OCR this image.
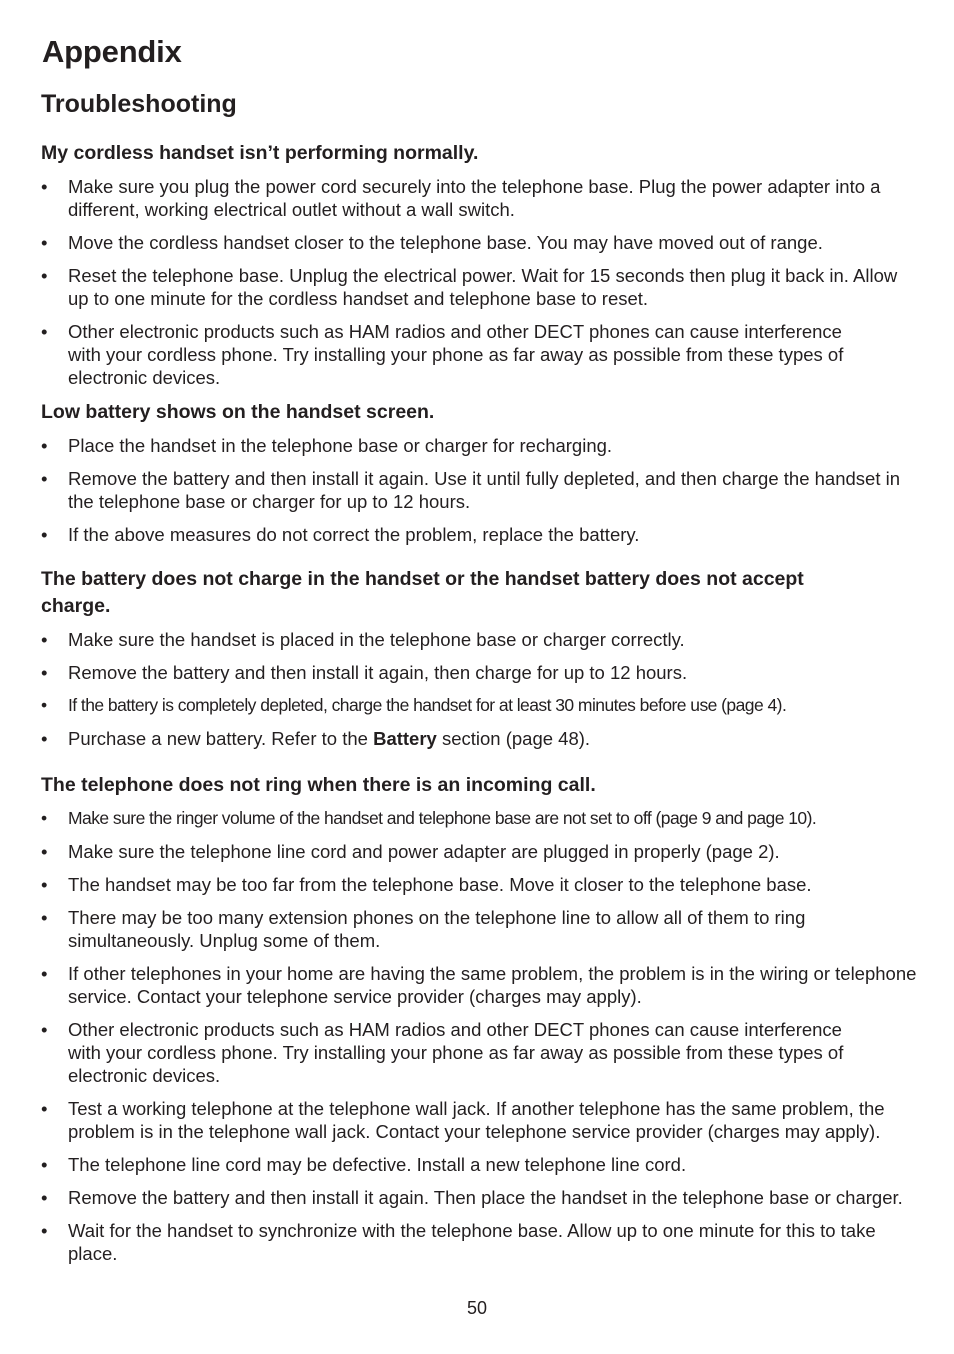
Appendix
Troubleshooting
My cordless handset isn’t performing normally.
• Make sure you plug the power cord securely into the telephone base. Plug the power adapter into a different, working electrical outlet without a wall switch.
• Move the cordless handset closer to the telephone base. You may have moved out of range.
• Reset the telephone base. Unplug the electrical power. Wait for 15 seconds then plug it back in. Allow up to one minute for the cordless handset and telephone base to reset.
• Other electronic products such as HAM radios and other DECT phones can cause interference with your cordless phone. Try installing your phone as far away as possible from these types of electronic devices.
Low battery shows on the handset screen.
• Place the handset in the telephone base or charger for recharging.
• Remove the battery and then install it again. Use it until fully depleted, and then charge the handset in the telephone base or charger for up to 12 hours.
• If the above measures do not correct the problem, replace the battery.
The battery does not charge in the handset or the handset battery does not accept charge.
• Make sure the handset is placed in the telephone base or charger correctly.
• Remove the battery and then install it again, then charge for up to 12 hours.
• If the battery is completely depleted, charge the handset for at least 30 minutes before use (page 4).
• Purchase a new battery. Refer to the Battery section (page 48).
The telephone does not ring when there is an incoming call.
• Make sure the ringer volume of the handset and telephone base are not set to off (page 9 and page 10).
• Make sure the telephone line cord and power adapter are plugged in properly (page 2).
• The handset may be too far from the telephone base. Move it closer to the telephone base.
• There may be too many extension phones on the telephone line to allow all of them to ring simultaneously. Unplug some of them.
• If other telephones in your home are having the same problem, the problem is in the wiring or telephone service. Contact your telephone service provider (charges may apply).
• Other electronic products such as HAM radios and other DECT phones can cause interference with your cordless phone. Try installing your phone as far away as possible from these types of electronic devices.
• Test a working telephone at the telephone wall jack. If another telephone has the same problem, the problem is in the telephone wall jack. Contact your telephone service provider (charges may apply).
• The telephone line cord may be defective. Install a new telephone line cord.
• Remove the battery and then install it again. Then place the handset in the telephone base or charger.
• Wait for the handset to synchronize with the telephone base. Allow up to one minute for this to take place.
50
